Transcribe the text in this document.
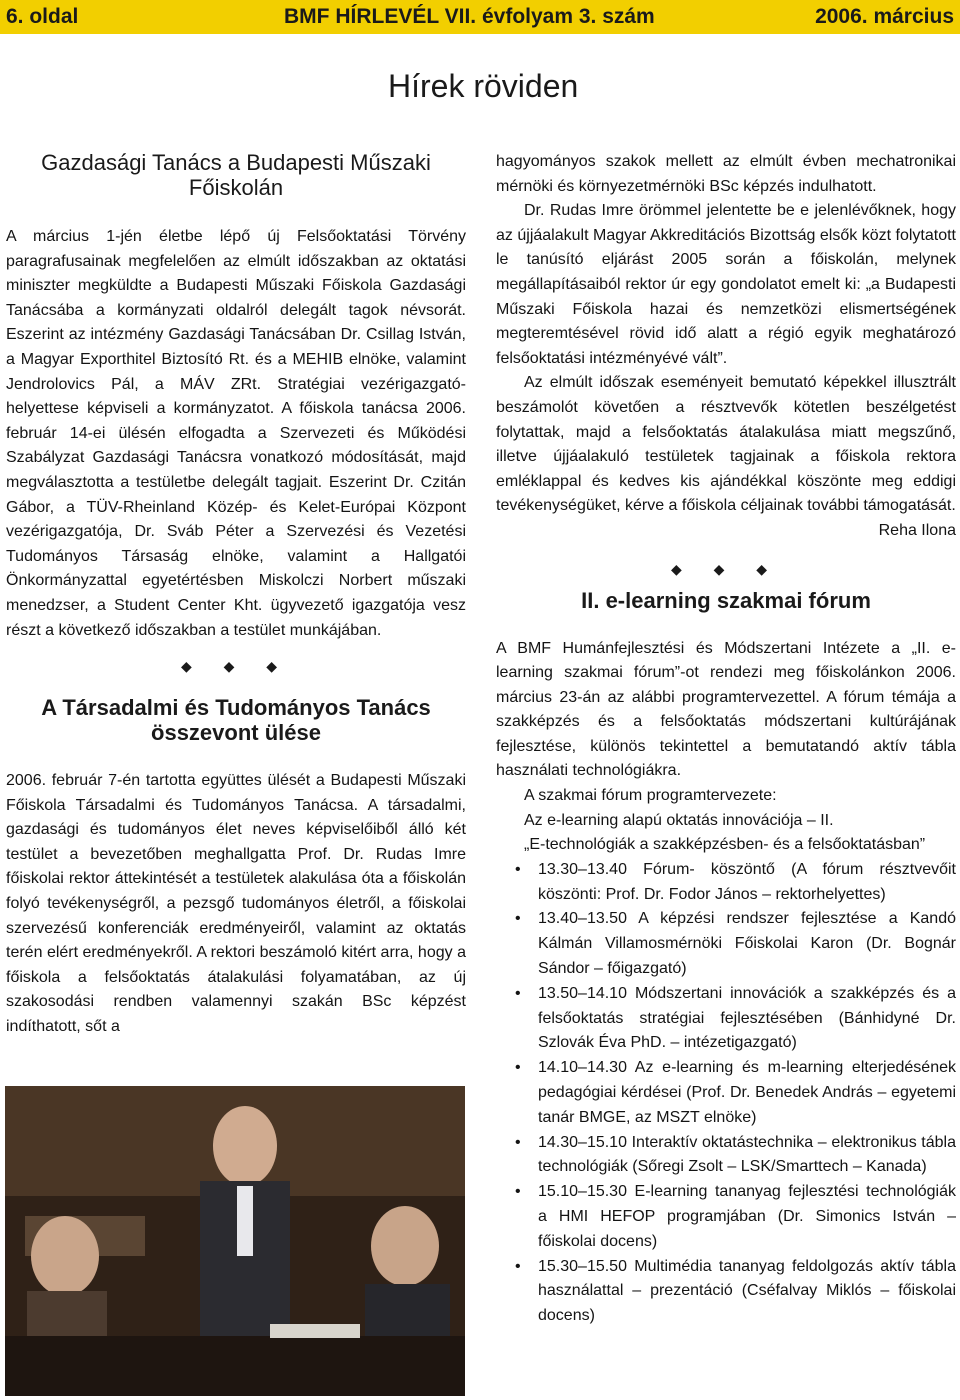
6. oldal	BMF HÍRLEVÉL VII. évfolyam 3. szám	2006. március
Hírek röviden
Gazdasági Tanács a Budapesti Műszaki
Főiskolán

A március 1-jén életbe lépő új Felsőoktatási Törvény paragrafusainak megfelelően az elmúlt időszakban az oktatási miniszter megküldte a Budapesti Műszaki Főiskola Gazdasági Tanácsába a kormányzati oldalról delegált tagok névsorát. Eszerint az intézmény Gazdasági Tanácsában Dr. Csillag István, a Magyar Exporthitel Biztosító Rt. és a MEHIB elnöke, valamint Jendrolovics Pál, a MÁV ZRt. Stratégiai vezérigazgató-helyettese képviseli a kormányzatot. A főiskola tanácsa 2006. február 14-ei ülésén elfogadta a Szervezeti és Működési Szabályzat Gazdasági Tanácsra vonatkozó módosítását, majd megválasztotta a testületbe delegált tagjait. Eszerint Dr. Czitán Gábor, a TÜV-Rheinland Közép- és Kelet-Európai Központ vezérigazgatója, Dr. Sváb Péter a Szervezési és Vezetési Tudományos Társaság elnöke, valamint a Hallgatói Önkormányzattal egyetértésben Miskolczi Norbert műszaki menedzser, a Student Center Kht. ügyvezető igazgatója vesz részt a következő időszakban a testület munkájában.

◆ ◆ ◆
A Társadalmi és Tudományos Tanács
összevont ülése

2006. február 7-én tartotta együttes ülését a Budapesti Műszaki Főiskola Társadalmi és Tudományos Tanácsa. A társadalmi, gazdasági és tudományos élet neves képviselőiből álló két testület a bevezetőben meghallgatta Prof. Dr. Rudas Imre főiskolai rektor áttekintését a testületek alakulása óta a főiskolán folyó tevékenységről, a pezsgő tudományos életről, a főiskolai szervezésű konferenciák eredményeiről, valamint az oktatás terén elért eredményekről. A rektori beszámoló kitért arra, hogy a főiskola a felsőoktatás átalakulási folyamatában, az új szakosodási rendben valamennyi szakán BSc képzést indíthatott, sőt a

hagyományos szakok mellett az elmúlt évben mechatronikai mérnöki és környezetmérnöki BSc képzés indulhatott.

Dr. Rudas Imre örömmel jelentette be e jelenlévőknek, hogy az újjáalakult Magyar Akkreditációs Bizottság elsők közt folytatott le tanúsító eljárást 2005 során a főiskolán, melynek megállapításaiból rektor úr egy gondolatot emelt ki: „a Budapesti Műszaki Főiskola hazai és nemzetközi elismertségének megteremtésével rövid idő alatt a régió egyik meghatározó felsőoktatási intézményévé vált”.

Az elmúlt időszak eseményeit bemutató képekkel illusztrált beszámolót követően a résztvevők kötetlen beszélgetést folytattak, majd a felsőoktatás átalakulása miatt megszűnő, illetve újjáalakuló testületek tagjainak a főiskola rektora emléklappal és kedves kis ajándékkal köszönte meg eddigi tevékenységüket, kérve a főiskola céljainak további támogatását.

Reha Ilona

◆ ◆ ◆
II. e-learning szakmai fórum

A BMF Humánfejlesztési és Módszertani Intézete a „II. e-learning szakmai fórum”-ot rendezi meg főiskolánkon 2006. március 23-án az alábbi programtervezettel. A fórum témája a szakképzés és a felsőoktatás módszertani kultúrájának fejlesztése, különös tekintettel a bemutatandó aktív tábla használati technológiákra.

A szakmai fórum programtervezete:

Az e-learning alapú oktatás innovációja – II.

„E-technológiák a szakképzésben- és a felsőoktatásban”

• 13.30–13.40 Fórum- köszöntő (A fórum résztvevőit köszönti: Prof. Dr. Fodor János – rektorhelyettes)
• 13.40–13.50 A képzési rendszer fejlesztése a Kandó Kálmán Villamosmérnöki Főiskolai Karon (Dr. Bognár Sándor – főigazgató)
• 13.50–14.10 Módszertani innovációk a szakképzés és a felsőoktatás stratégiai fejlesztésében (Bánhidyné Dr. Szlovák Éva PhD. – intézetigazgató)
• 14.10–14.30 Az e-learning és m-learning elterjedésének pedagógiai kérdései (Prof. Dr. Benedek András – egyetemi tanár BMGE, az MSZT elnöke)
• 14.30–15.10 Interaktív oktatástechnika – elektronikus tábla technológiák (Sőregi Zsolt – LSK/Smarttech – Kanada)
• 15.10–15.30 E-learning tananyag fejlesztési technológiák a HMI HEFOP programjában (Dr. Simonics István – főiskolai docens)
• 15.30–15.50 Multimédia tananyag feldolgozás aktív tábla használattal – prezentáció (Cséfalvay Miklós – főiskolai docens)
